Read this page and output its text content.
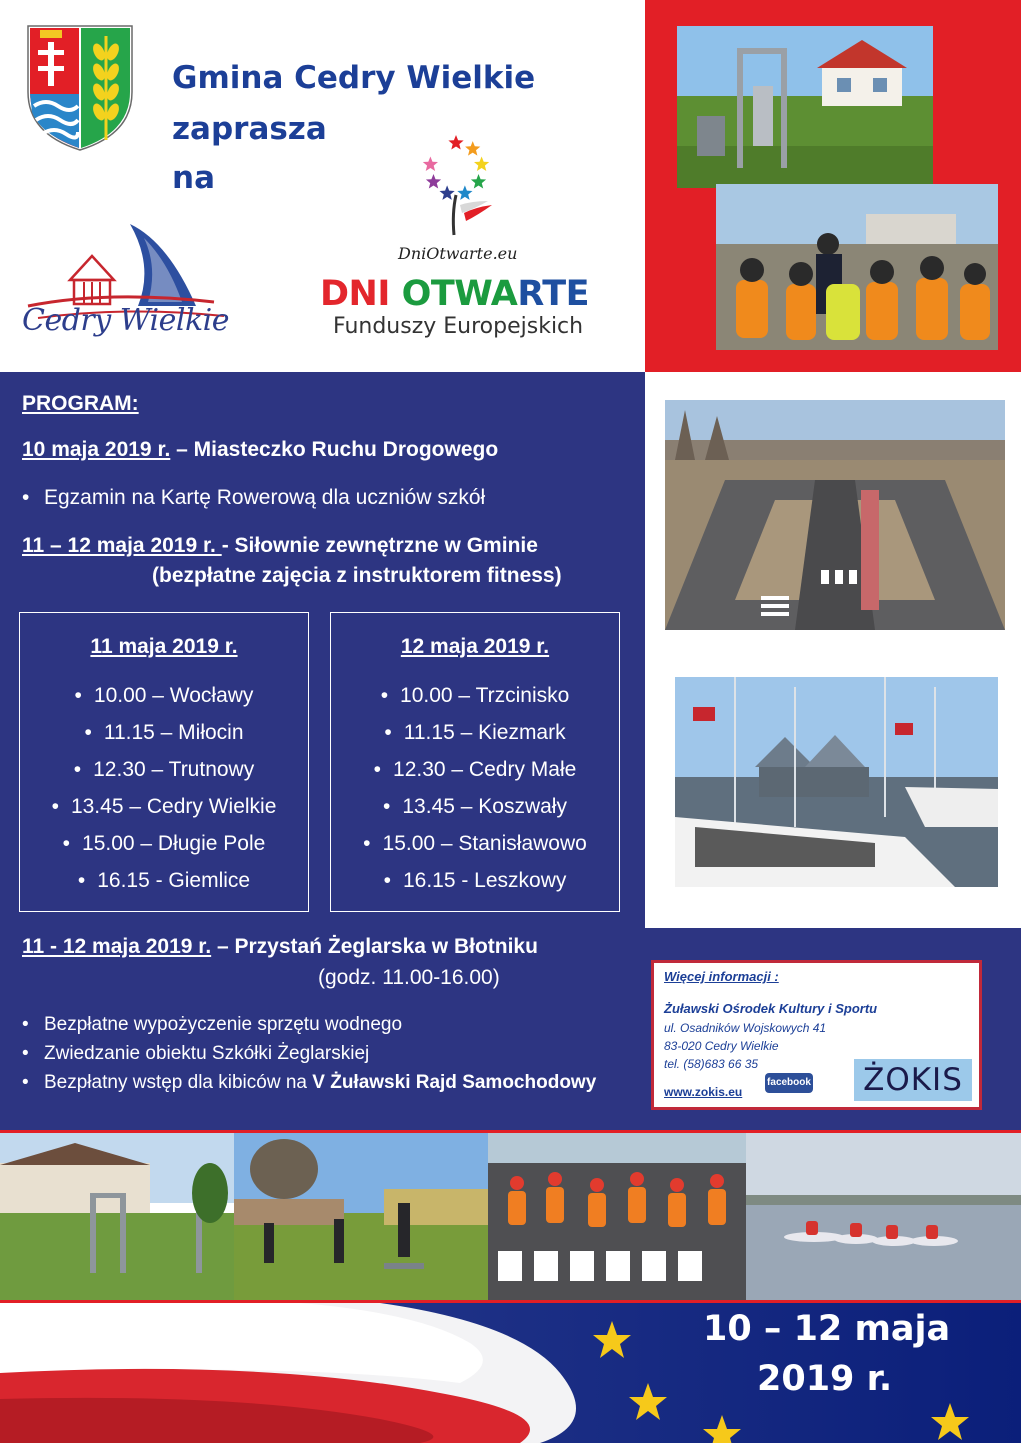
Gmina Cedry Wielkie
zaprasza
na
Cedry Wielkie
DniOtwarte.eu
DNI OTWARTE
Funduszy Europejskich
PROGRAM:
10 maja 2019 r. – Miasteczko Ruchu Drogowego
• Egzamin na Kartę Rowerową dla uczniów szkół
11 – 12 maja 2019 r. - Siłownie zewnętrzne w Gminie
(bezpłatne zajęcia z instruktorem fitness)
11 maja 2019 r.
• 10.00 – Wocławy
• 11.15 – Miłocin
• 12.30 – Trutnowy
• 13.45 – Cedry Wielkie
• 15.00 – Długie Pole
• 16.15 - Giemlice
12 maja 2019 r.
• 10.00 – Trzcinisko
• 11.15 – Kiezmark
• 12.30 – Cedry Małe
• 13.45 – Koszwały
• 15.00 – Stanisławowo
• 16.15 - Leszkowy
11 - 12 maja 2019 r. – Przystań Żeglarska w Błotniku
(godz. 11.00-16.00)
• Bezpłatne wypożyczenie sprzętu wodnego
• Zwiedzanie obiektu Szkółki Żeglarskiej
• Bezpłatny wstęp dla kibiców na V Żuławski Rajd Samochodowy
Więcej informacji :
Żuławski Ośrodek Kultury i Sportu
ul. Osadników Wojskowych 41
83-020 Cedry Wielkie
tel. (58)683 66 35
www.zokis.eu
facebook ŻOKIS
10 – 12 maja
2019 r.
